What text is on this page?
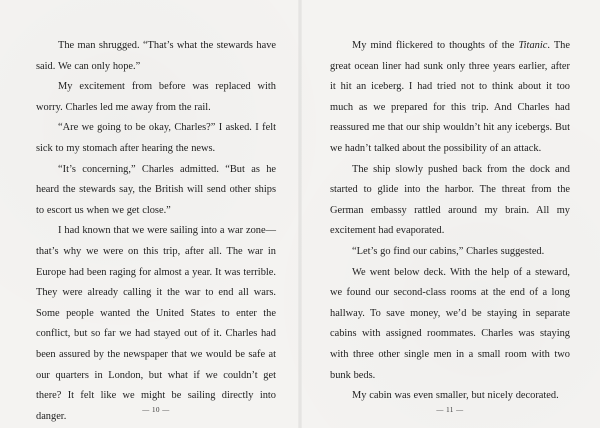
The man shrugged. “That’s what the stewards have said. We can only hope.”

My excitement from before was replaced with worry. Charles led me away from the rail.

“Are we going to be okay, Charles?” I asked. I felt sick to my stomach after hearing the news.

“It’s concerning,” Charles admitted. “But as he heard the stewards say, the British will send other ships to escort us when we get close.”

I had known that we were sailing into a war zone—that’s why we were on this trip, after all. The war in Europe had been raging for almost a year. It was terrible. They were already calling it the war to end all wars. Some people wanted the United States to enter the conflict, but so far we had stayed out of it. Charles had been assured by the newspaper that we would be safe at our quarters in London, but what if we couldn’t get there? It felt like we might be sailing directly into danger.

— 10 —

My mind flickered to thoughts of the Titanic. The great ocean liner had sunk only three years earlier, after it hit an iceberg. I had tried not to think about it too much as we prepared for this trip. And Charles had reassured me that our ship wouldn’t hit any icebergs. But we hadn’t talked about the possibility of an attack.

The ship slowly pushed back from the dock and started to glide into the harbor. The threat from the German embassy rattled around my brain. All my excitement had evaporated.

“Let’s go find our cabins,” Charles suggested.

We went below deck. With the help of a steward, we found our second-class rooms at the end of a long hallway. To save money, we’d be staying in separate cabins with assigned roommates. Charles was staying with three other single men in a small room with two bunk beds.

My cabin was even smaller, but nicely decorated.

— 11 —
